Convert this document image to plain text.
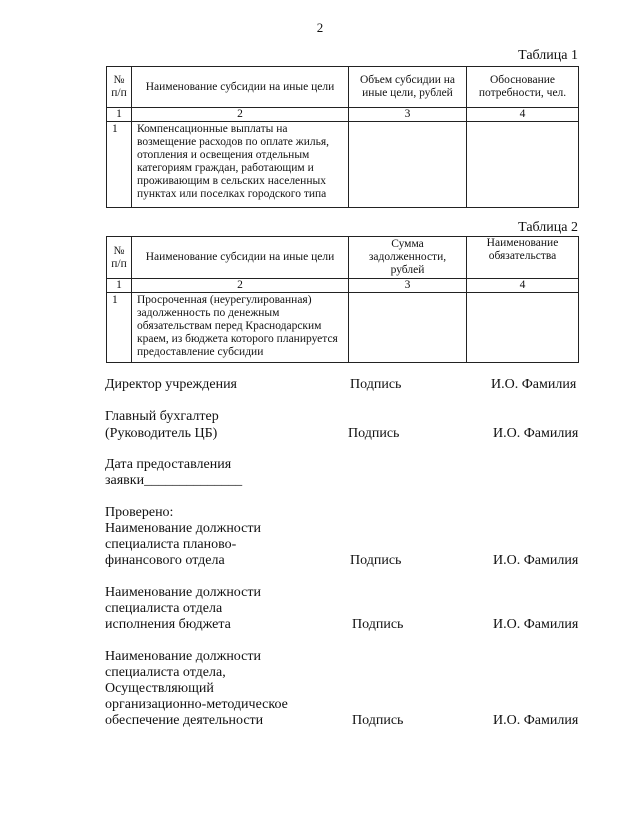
2
Таблица 1
№ п/п	Наименование субсидии на иные цели	Объем субсидии на иные цели, рублей	Обоснование потребности, чел.
1	2	3	4
1	Компенсационные выплаты на возмещение расходов по оплате жилья, отопления и освещения отдельным категориям граждан, работающим и проживающим в сельских населенных пунктах или поселках городского типа		
Таблица 2
№ п/п	Наименование субсидии на иные цели	Сумма задолженности, рублей	Наименование обязательства
1	2	3	4
1	Просроченная (неурегулированная) задолженность по денежным обязательствам перед Краснодарским краем, из бюджета которого планируется предоставление субсидии		
Директор учреждения	Подпись	И.О. Фамилия
Главный бухгалтер
(Руководитель ЦБ)	Подпись	И.О. Фамилия
Дата предоставления
заявки______________
Проверено:
Наименование должности
специалиста планово-
финансового отдела	Подпись	И.О. Фамилия
Наименование должности
специалиста отдела
исполнения бюджета	Подпись	И.О. Фамилия
Наименование должности
специалиста отдела,
Осуществляющий
организационно-методическое
обеспечение деятельности	Подпись	И.О. Фамилия
